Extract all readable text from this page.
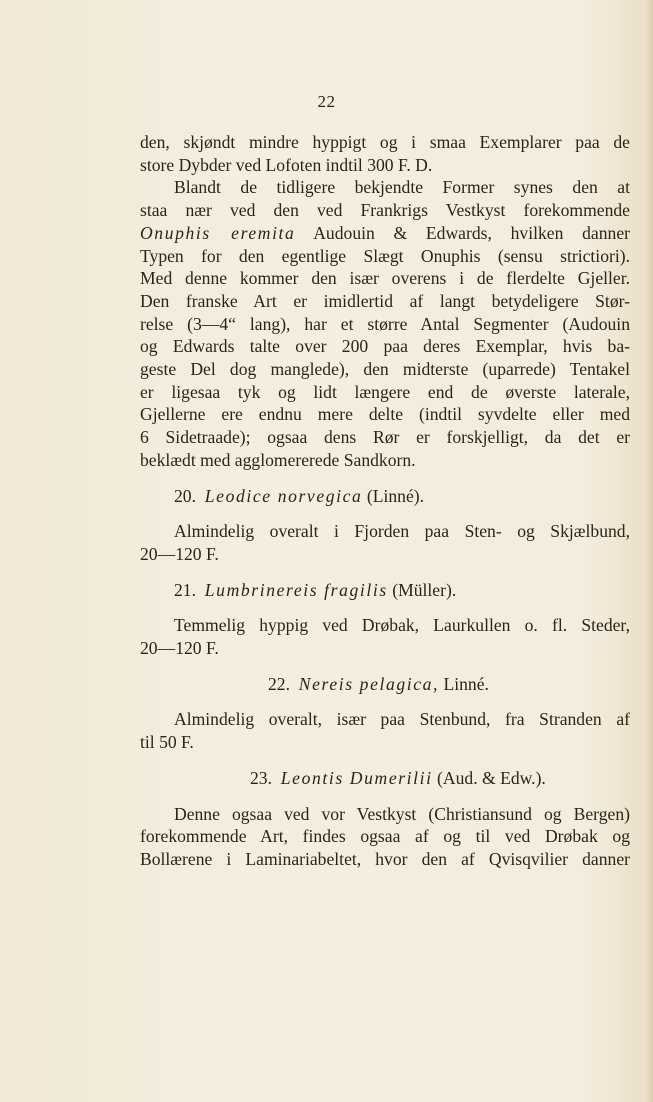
22
den, skjøndt mindre hyppigt og i smaa Exemplarer paa de
store Dybder ved Lofoten indtil 300 F. D.
Blandt de tidligere bekjendte Former synes den at
staa nær ved den ved Frankrigs Vestkyst forekommende
Onuphis eremita Audouin & Edwards, hvilken danner
Typen for den egentlige Slægt Onuphis (sensu strictiori).
Med denne kommer den især overens i de flerdelte Gjeller.
Den franske Art er imidlertid af langt betydeligere Stør-
relse (3—4“ lang), har et større Antal Segmenter (Audouin
og Edwards talte over 200 paa deres Exemplar, hvis ba-
geste Del dog manglede), den midterste (uparrede) Tentakel
er ligesaa tyk og lidt længere end de øverste laterale,
Gjellerne ere endnu mere delte (indtil syvdelte eller med
6 Sidetraade); ogsaa dens Rør er forskjelligt, da det er
beklædt med agglomererede Sandkorn.
20. Leodice norvegica (Linné).
Almindelig overalt i Fjorden paa Sten- og Skjælbund,
20—120 F.
21. Lumbrinereis fragilis (Müller).
Temmelig hyppig ved Drøbak, Laurkullen o. fl. Steder,
20—120 F.
22. Nereis pelagica, Linné.
Almindelig overalt, især paa Stenbund, fra Stranden af
til 50 F.
23. Leontis Dumerilii (Aud. & Edw.).
Denne ogsaa ved vor Vestkyst (Christiansund og Bergen)
forekommende Art, findes ogsaa af og til ved Drøbak og
Bollærene i Laminariabeltet, hvor den af Qvisqvilier danner
